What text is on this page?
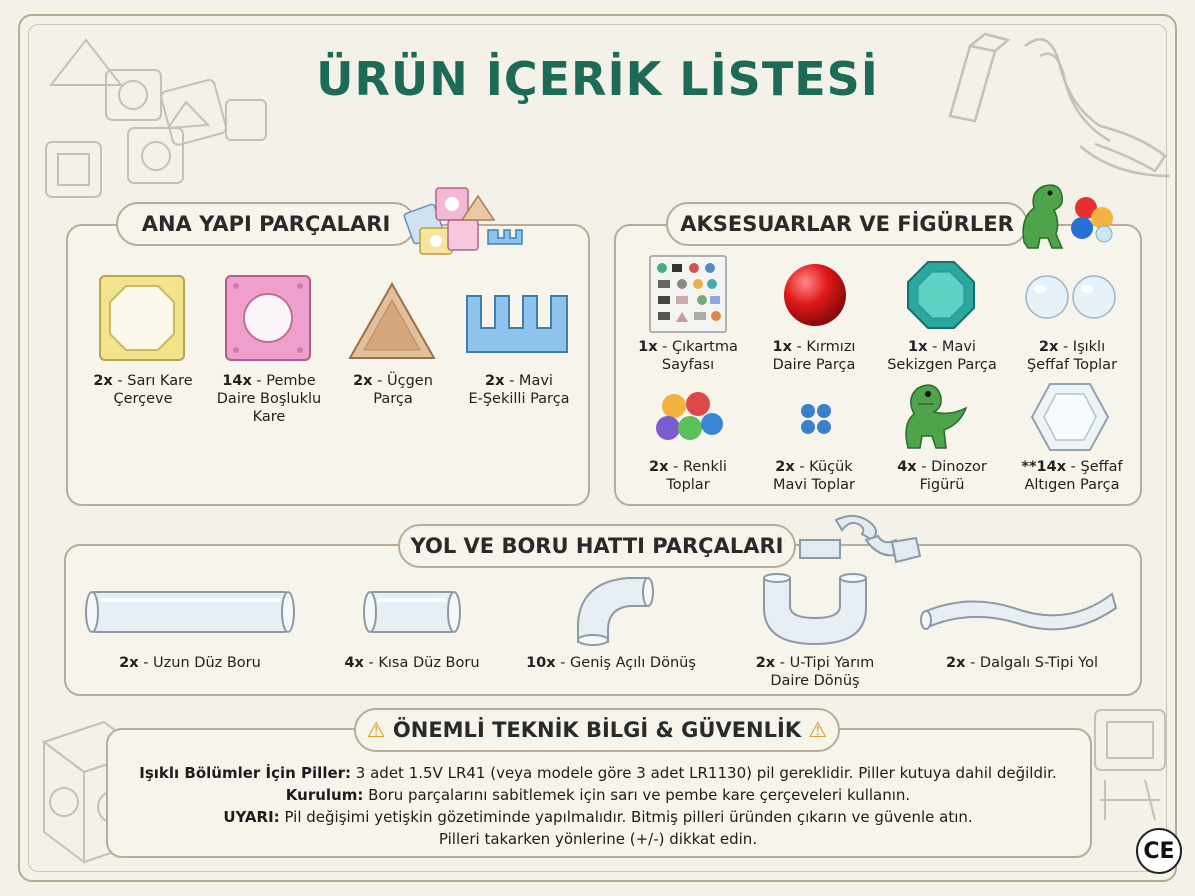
ÜRÜN İÇERİK LİSTESİ
ANA YAPI PARÇALARI
2x - Sarı Kare
Çerçeve
14x - Pembe
Daire Boşluklu
Kare
2x - Üçgen
Parça
2x - Mavi
E-Şekilli Parça
AKSESUARLAR VE FİGÜRLER
1x - Çıkartma
Sayfası
1x - Kırmızı
Daire Parça
1x - Mavi
Sekizgen Parça
2x - Işıklı
Şeffaf Toplar
2x - Renkli
Toplar
2x - Küçük
Mavi Toplar
4x - Dinozor
Figürü
**14x - Şeffaf
Altıgen Parça
YOL VE BORU HATTI PARÇALARI
2x - Uzun Düz Boru	4x - Kısa Düz Boru	10x - Geniş Açılı Dönüş	2x - U-Tipi Yarım
Daire Dönüş
2x - Dalgalı S-Tipi Yol
⚠ ÖNEMLİ TEKNİK BİLGİ & GÜVENLİK ⚠
Işıklı Bölümler İçin Piller: 3 adet 1.5V LR41 (veya modele göre 3 adet LR1130) pil gereklidir. Piller kutuya dahil değildir.
Kurulum: Boru parçalarını sabitlemek için sarı ve pembe kare çerçeveleri kullanın.
UYARI: Pil değişimi yetişkin gözetiminde yapılmalıdır. Bitmiş pilleri üründen çıkarın ve güvenle atın.
Pilleri takarken yönlerine (+/-) dikkat edin.	CE
